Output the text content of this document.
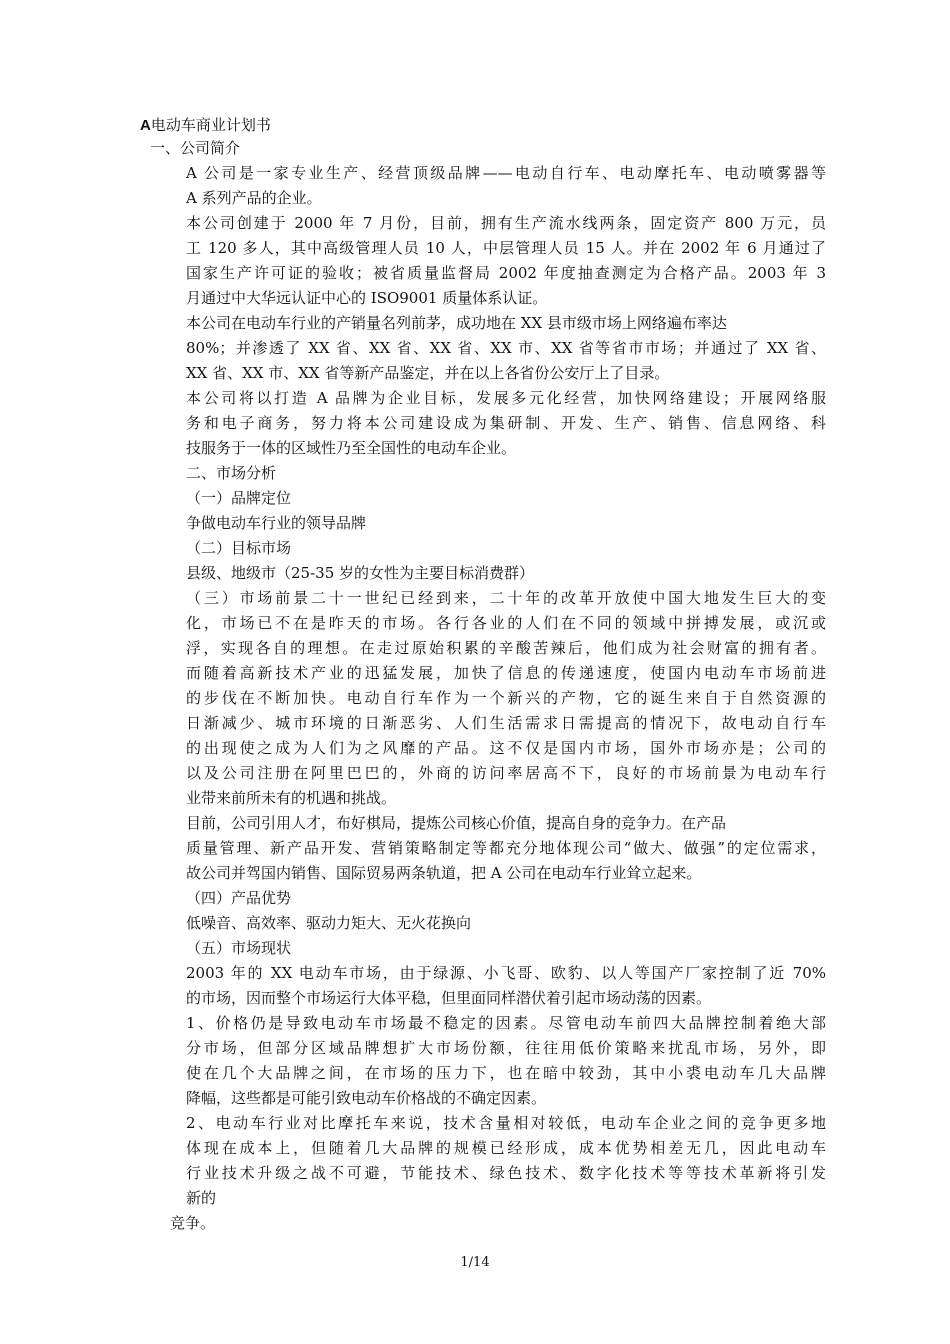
A电动车商业计划书
一、公司简介
A 公司是一家专业生产、经营顶级品牌——电动自行车、电动摩托车、电动喷雾器等
A 系列产品的企业。
本公司创建于 2000 年 7 月份，目前，拥有生产流水线两条，固定资产 800 万元，员
工 120 多人，其中高级管理人员 10 人，中层管理人员 15 人。并在 2002 年 6 月通过了
国家生产许可证的验收；被省质量监督局 2002 年度抽查测定为合格产品。2003 年 3
月通过中大华远认证中心的 ISO9001 质量体系认证。
本公司在电动车行业的产销量名列前茅，成功地在 XX 县市级市场上网络遍布率达
80%；并渗透了 XX 省、XX 省、XX 省、XX 市、XX 省等省市市场；并通过了 XX 省、
XX 省、XX 市、XX 省等新产品鉴定，并在以上各省份公安厅上了目录。
本公司将以打造 A 品牌为企业目标，发展多元化经营，加快网络建设；开展网络服
务和电子商务，努力将本公司建设成为集研制、开发、生产、销售、信息网络、科
技服务于一体的区域性乃至全国性的电动车企业。
二、市场分析
（一）品牌定位
争做电动车行业的领导品牌
（二）目标市场
县级、地级市（25-35 岁的女性为主要目标消费群）
（三）市场前景二十一世纪已经到来，二十年的改革开放使中国大地发生巨大的变
化，市场已不在是昨天的市场。各行各业的人们在不同的领域中拼搏发展，或沉或
浮，实现各自的理想。在走过原始积累的辛酸苦辣后，他们成为社会财富的拥有者。
而随着高新技术产业的迅猛发展，加快了信息的传递速度，使国内电动车市场前进
的步伐在不断加快。电动自行车作为一个新兴的产物，它的诞生来自于自然资源的
日渐减少、城市环境的日渐恶劣、人们生活需求日需提高的情况下，故电动自行车
的出现使之成为人们为之风靡的产品。这不仅是国内市场，国外市场亦是；公司的
以及公司注册在阿里巴巴的，外商的访问率居高不下，良好的市场前景为电动车行
业带来前所未有的机遇和挑战。
目前，公司引用人才，布好棋局，提炼公司核心价值，提高自身的竞争力。在产品
质量管理、新产品开发、营销策略制定等都充分地体现公司“做大、做强”的定位需求，
故公司并驾国内销售、国际贸易两条轨道，把 A 公司在电动车行业耸立起来。
（四）产品优势
低噪音、高效率、驱动力矩大、无火花换向
（五）市场现状
2003 年的 XX 电动车市场，由于绿源、小飞哥、欧豹、以人等国产厂家控制了近 70%
的市场，因而整个市场运行大体平稳，但里面同样潜伏着引起市场动荡的因素。
1、价格仍是导致电动车市场最不稳定的因素。尽管电动车前四大品牌控制着绝大部
分市场，但部分区域品牌想扩大市场份额，往往用低价策略来扰乱市场，另外，即
使在几个大品牌之间，在市场的压力下，也在暗中较劲，其中小裘电动车几大品牌
降幅，这些都是可能引致电动车价格战的不确定因素。
2、电动车行业对比摩托车来说，技术含量相对较低，电动车企业之间的竞争更多地
体现在成本上，但随着几大品牌的规模已经形成，成本优势相差无几，因此电动车
行业技术升级之战不可避，节能技术、绿色技术、数字化技术等等技术革新将引发
新的
竞争。
1/14
